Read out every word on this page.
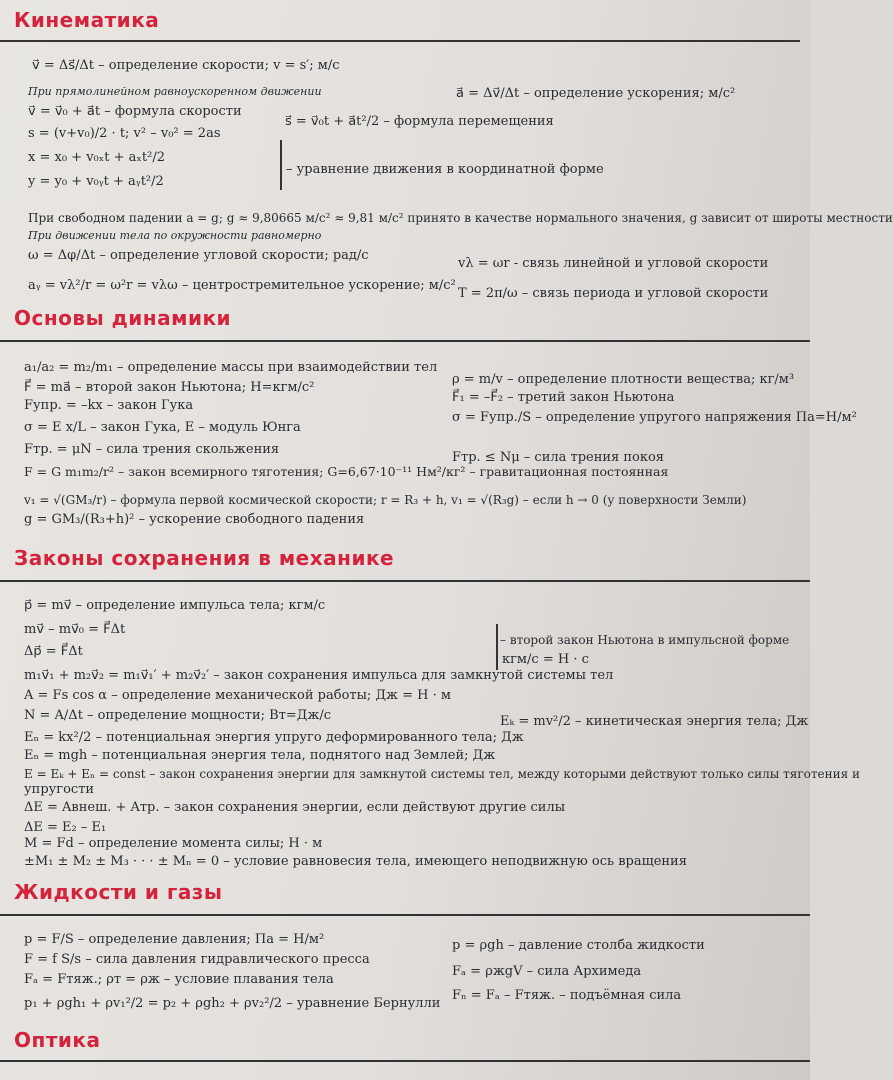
Кинематика
v⃗ = Δs⃗/Δt – определение скорости; v = s′; м/с
a⃗ = Δv⃗/Δt – определение ускорения; м/с²
При прямолинейном равноускоренном движении
v⃗ = v⃗₀ + a⃗t – формула скорости
s⃗ = v⃗₀t + a⃗t²/2 – формула перемещения
s = (v+v₀)/2 · t; v² – v₀² = 2as
x = x₀ + v₀ₓt + aₓt²/2
– уравнение движения в координатной форме
y = y₀ + v₀ᵧt + aᵧt²/2
При свободном падении a = g; g ≈ 9,80665 м/с² ≈ 9,81 м/с² принято в качестве нормального значения, g зависит от широты местности
При движении тела по окружности равномерно
ω = Δφ/Δt – определение угловой скорости; рад/с
vλ = ωr - связь линейной и угловой скорости
aᵧ = vλ²/r = ω²r = vλω – центростремительное ускорение; м/с²
T = 2π/ω – связь периода и угловой скорости
Основы динамики
a₁/a₂ = m₂/m₁ – определение массы при взаимодействии тел
ρ = m/v – определение плотности вещества; кг/м³
F⃗ = ma⃗ – второй закон Ньютона; Н=кгм/с²
F⃗₁ = –F⃗₂ – третий закон Ньютона
Fупр. = –kx – закон Гука
σ = Fупр./S – определение упругого напряжения Па=Н/м²
σ = E x/L – закон Гука, E – модуль Юнга
Fтр. = μN – сила трения скольжения
Fтр. ≤ Nμ – сила трения покоя
F = G m₁m₂/r² – закон всемирного тяготения; G=6,67·10⁻¹¹ Нм²/кг² – гравитационная постоянная
v₁ = √(GM₃/r) – формула первой космической скорости; r = R₃ + h, v₁ = √(R₃g) – если h → 0 (у поверхности Земли)
g = GM₃/(R₃+h)² – ускорение свободного падения
Законы сохранения в механике
p⃗ = mv⃗ – определение импульса тела; кгм/с
mv⃗ – mv⃗₀ = F⃗Δt
– второй закон Ньютона в импульсной форме
Δp⃗ = F⃗Δt
кгм/с = Н · с
m₁v⃗₁ + m₂v⃗₂ = m₁v⃗₁′ + m₂v⃗₂′ – закон сохранения импульса для замкнутой системы тел
A = Fs cos α – определение механической работы; Дж = Н · м
N = A/Δt – определение мощности; Вт=Дж/с	Eₖ = mv²/2 – кинетическая энергия тела; Дж
Eₙ = kx²/2 – потенциальная энергия упруго деформированного тела; Дж
Eₙ = mgh – потенциальная энергия тела, поднятого над Землей; Дж
E = Eₖ + Eₙ = const – закон сохранения энергии для замкнутой системы тел, между которыми действуют только силы тяготения и
упругости
ΔE = Aвнеш. + Aтр. – закон сохранения энергии, если действуют другие силы
ΔE = E₂ – E₁
M = Fd – определение момента силы; Н · м
±M₁ ± M₂ ± M₃ · · · ± Mₙ = 0 – условие равновесия тела, имеющего неподвижную ось вращения
Жидкости и газы
p = F/S – определение давления; Па = Н/м²	p = ρgh – давление столба жидкости
F = f S/s – сила давления гидравлического пресса
Fₐ = ρжgV – сила Архимеда
Fₐ = Fтяж.; ρт = ρж – условие плавания тела
Fₙ = Fₐ – Fтяж. – подъёмная сила
p₁ + ρgh₁ + ρv₁²/2 = p₂ + ρgh₂ + ρv₂²/2 – уравнение Бернулли
Оптика
